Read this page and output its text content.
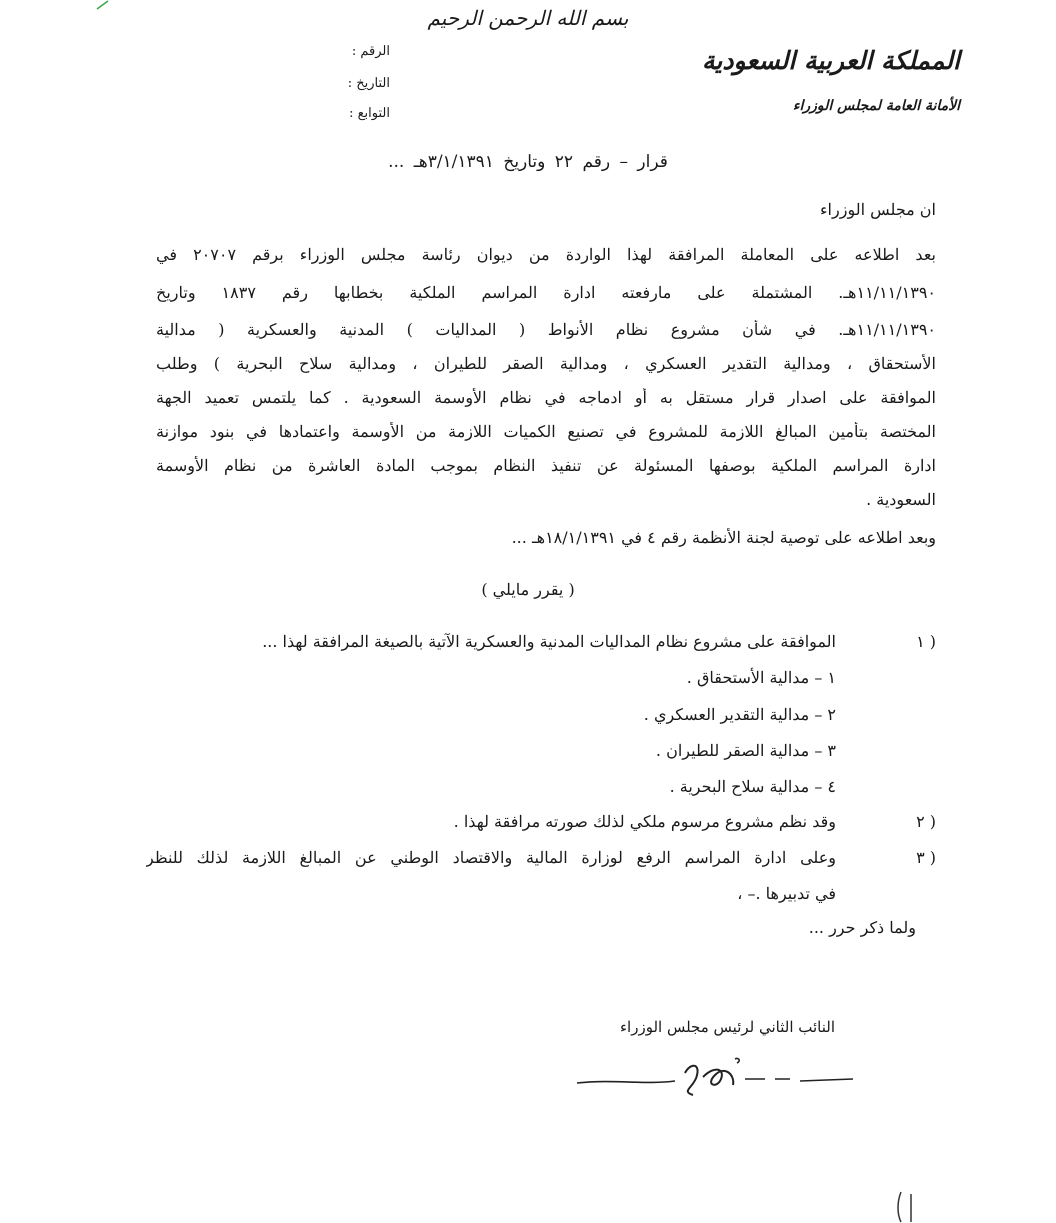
بسم الله الرحمن الرحيم
الرقم :
التاريخ :
التوابع :
المملكة العربية السعودية
الأمانة العامة لمجلس الوزراء
قرار – رقم ٢٢ وتاريخ ٣/١/١٣٩١هـ ...
ان مجلس الوزراء
بعد اطلاعه على المعاملة المرافقة لهذا الواردة من ديوان رئاسة مجلس الوزراء برقم ٢٠٧٠٧ في
١١/١١/١٣٩٠هـ. المشتملة على مارفعته ادارة المراسم الملكية بخطابها رقم ١٨٣٧ وتاريخ
١١/١١/١٣٩٠هـ. في شأن مشروع نظام الأنواط ( المداليات ) المدنية والعسكرية ( مدالية
الأستحقاق ، ومدالية التقدير العسكري ، ومدالية الصقر للطيران ، ومدالية سلاح البحرية ) وطلب
الموافقة على اصدار قرار مستقل به أو ادماجه في نظام الأوسمة السعودية . كما يلتمس تعميد الجهة
المختصة بتأمين المبالغ اللازمة للمشروع في تصنيع الكميات اللازمة من الأوسمة واعتمادها في بنود موازنة
ادارة المراسم الملكية بوصفها المسئولة عن تنفيذ النظام بموجب المادة العاشرة من نظام الأوسمة
السعودية .
وبعد اطلاعه على توصية لجنة الأنظمة رقم ٤ في ١٨/١/١٣٩١هـ ...
( يقرر مايلي )
( ١
الموافقة على مشروع نظام المداليات المدنية والعسكرية الآتية بالصيغة المرافقة لهذا ...
١ – مدالية الأستحقاق .
٢ – مدالية التقدير العسكري .
٣ – مدالية الصقر للطيران .
٤ – مدالية سلاح البحرية .
( ٢
وقد نظم مشروع مرسوم ملكي لذلك صورته مرافقة لهذا .
( ٣
وعلى ادارة المراسم الرفع لوزارة المالية والاقتصاد الوطني عن المبالغ اللازمة لذلك للنظر
في تدبيرها .– ،
ولما ذكر حرر ...
النائب الثاني لرئيس مجلس الوزراء
